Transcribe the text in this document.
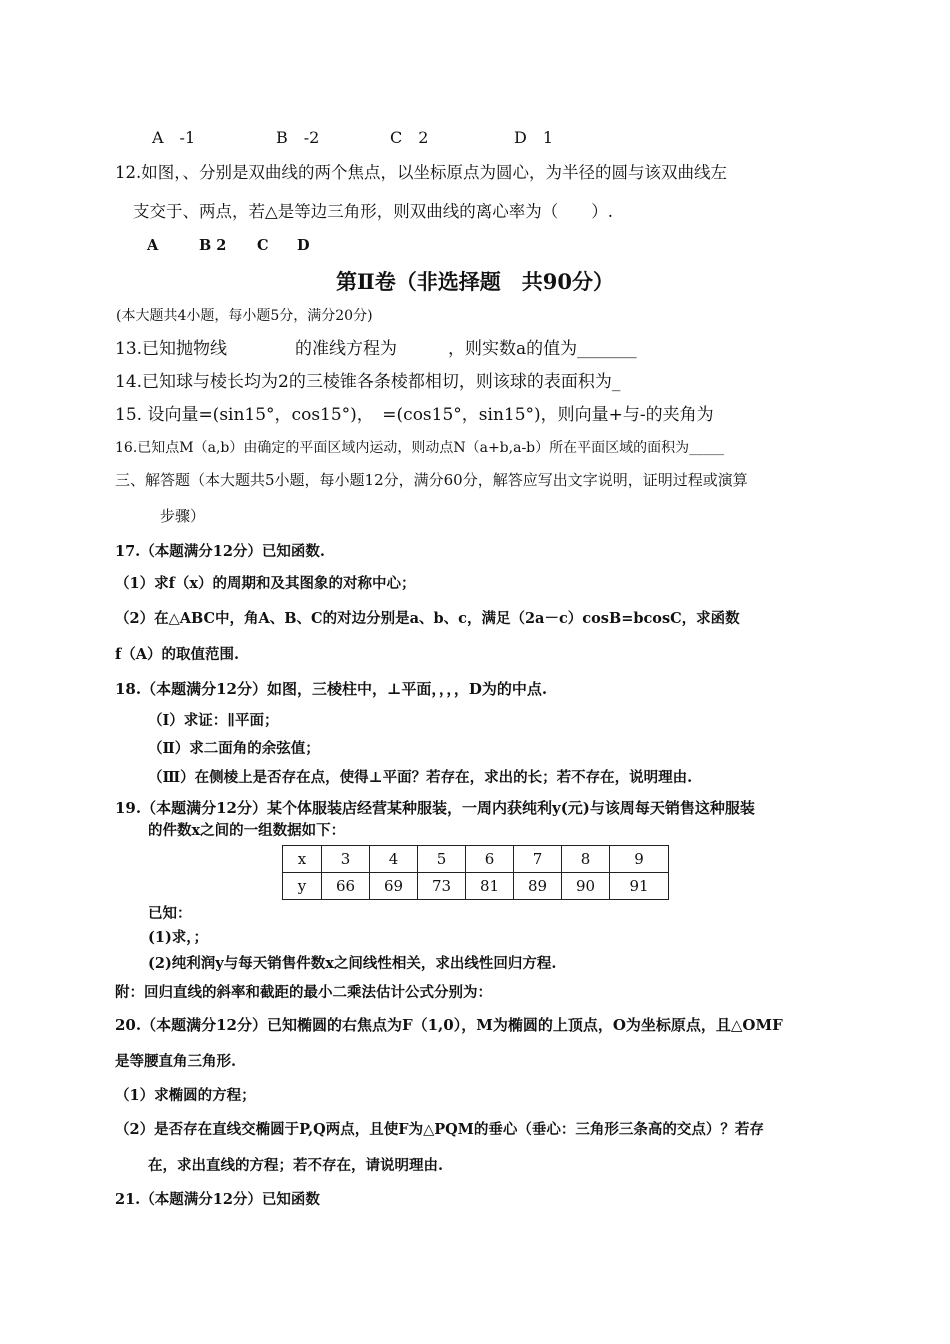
A　-1	B　-2	C　2	D　1
12.如图，、分别是双曲线的两个焦点，以坐标原点为圆心，为半径的圆与该双曲线左
支交于、两点，若△是等边三角形，则双曲线的离心率为（　　）.
A	B 2 C D
第Ⅱ卷（非选择题　共90分）
(本大题共4小题，每小题5分，满分20分)
13.已知抛物线　　　　的准线方程为　　　，则实数a的值为_______
14.已知球与棱长均为2的三棱锥各条棱都相切，则该球的表面积为_
15. 设向量=(sin15°，cos15°)，　=(cos15°，sin15°)，则向量+与-的夹角为
16.已知点M（a,b）由确定的平面区域内运动，则动点N（a+b,a-b）所在平面区域的面积为_____
三、解答题（本大题共5小题，每小题12分，满分60分，解答应写出文字说明，证明过程或演算
步骤）
17.（本题满分12分）已知函数.
（1）求f（x）的周期和及其图象的对称中心；
（2）在△ABC中，角A、B、C的对边分别是a、b、c，满足（2a－c）cosB=bcosC，求函数
f（A）的取值范围.
18.（本题满分12分）如图，三棱柱中，⊥平面，，，，D为的中点.
（Ⅰ）求证：∥平面；
（Ⅱ）求二面角的余弦值；
（Ⅲ）在侧棱上是否存在点，使得⊥平面？若存在，求出的长；若不存在，说明理由.
19.（本题满分12分）某个体服装店经营某种服装，一周内获纯利y(元)与该周每天销售这种服装
的件数x之间的一组数据如下：
x	3	4	5	6	7	8	9
y	66	69	73	81	89	90	91
已知：
(1)求，；
(2)纯利润y与每天销售件数x之间线性相关，求出线性回归方程.
附：回归直线的斜率和截距的最小二乘法估计公式分别为：
20.（本题满分12分）已知椭圆的右焦点为F（1,0），M为椭圆的上顶点，O为坐标原点，且△OMF
是等腰直角三角形.
（1）求椭圆的方程；
（2）是否存在直线交椭圆于P,Q两点，且使F为△PQM的垂心（垂心：三角形三条高的交点）？若存
在，求出直线的方程；若不存在，请说明理由.
21.（本题满分12分）已知函数
